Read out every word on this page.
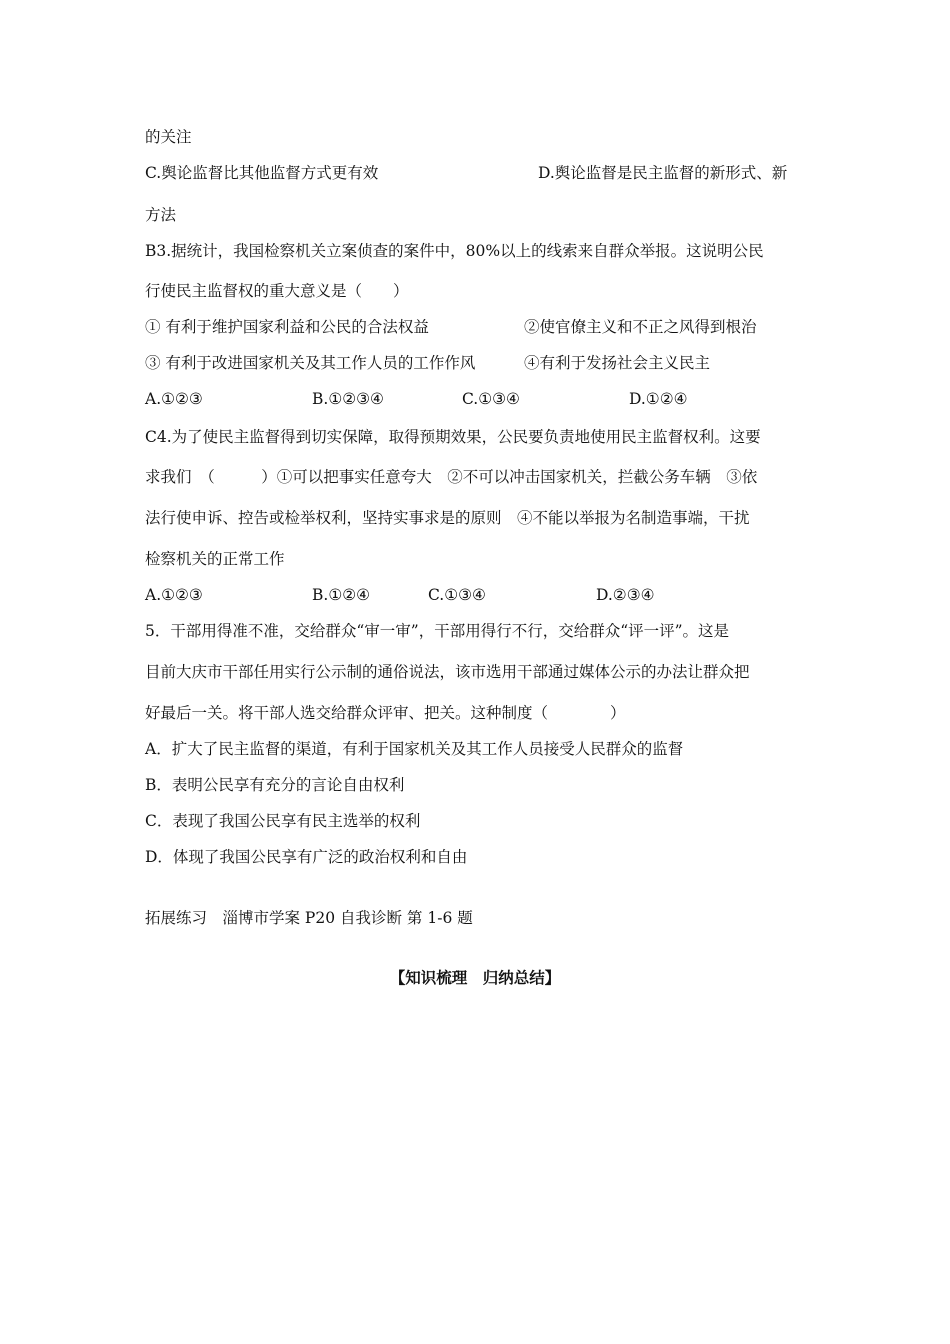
的关注
C.舆论监督比其他监督方式更有效	D.舆论监督是民主监督的新形式、新
方法
B3.据统计，我国检察机关立案侦查的案件中，80%以上的线索来自群众举报。这说明公民
行使民主监督权的重大意义是（　　）
① 有利于维护国家利益和公民的合法权益	②使官僚主义和不正之风得到根治
③ 有利于改进国家机关及其工作人员的工作作风	④有利于发扬社会主义民主
A.①②③	B.①②③④	C.①③④	D.①②④
C4.为了使民主监督得到切实保障，取得预期效果，公民要负责地使用民主监督权利。这要
求我们　（　　　）①可以把事实任意夸大　②不可以冲击国家机关，拦截公务车辆　③依
法行使申诉、控告或检举权利，坚持实事求是的原则　④不能以举报为名制造事端，干扰
检察机关的正常工作
A.①②③	B.①②④	C.①③④	D.②③④
5．干部用得准不准，交给群众“审一审”，干部用得行不行，交给群众“评一评”。这是
目前大庆市干部任用实行公示制的通俗说法，该市选用干部通过媒体公示的办法让群众把
好最后一关。将干部人选交给群众评审、把关。这种制度（　　　　）
A．扩大了民主监督的渠道，有利于国家机关及其工作人员接受人民群众的监督
B．表明公民享有充分的言论自由权利
C．表现了我国公民享有民主选举的权利
D．体现了我国公民享有广泛的政治权利和自由
拓展练习　淄博市学案 P20 自我诊断 第 1-6 题
【知识梳理　归纳总结】
